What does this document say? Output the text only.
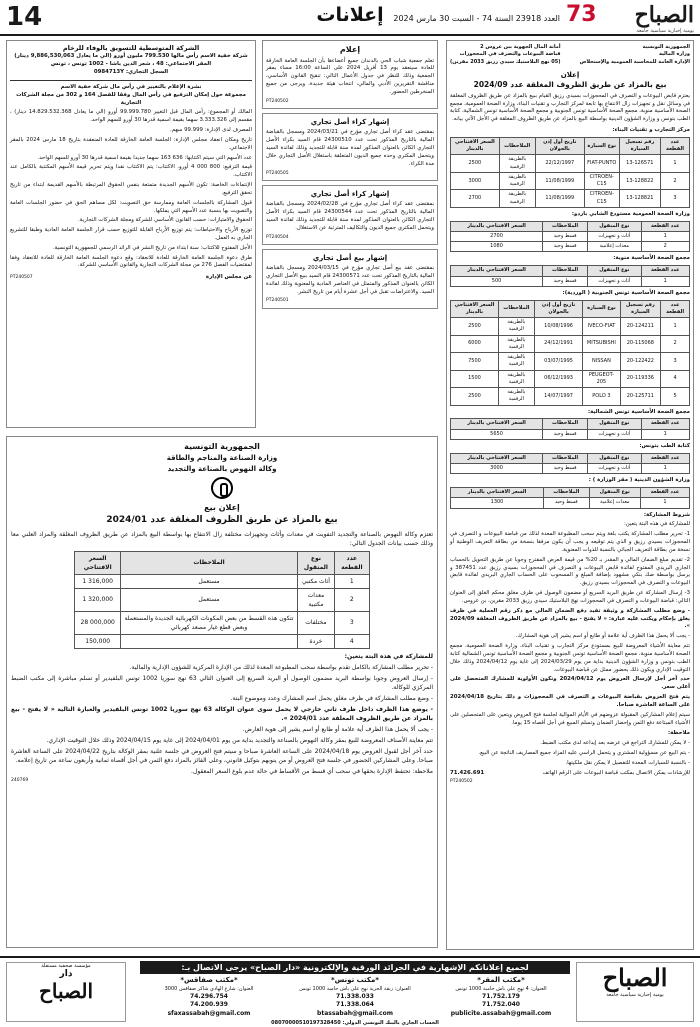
14	إعلانات العدد 23918 السنة 74 - السبت 30 مارس 2024	الصباح
73
يومية إخبارية سياسية جامعة
الجمهورية التونسية
وزارة المالية
الإدارة العامة للمحاسبة العمومية والإستخلاص
أمانة المال الجهوية ببن عروس 2
قباضة البيوعات والتصرف في المحجوزات
(05 نهج البلاستيك سيدي رزيق 2033 مقرين)
إعلان
بيع بالمزاد عن طريق الظروف المغلقة عدد 2024/09
يعتزم قابض البيوعات و التصرف في المحجوزات بسيدي رزيق القيام ببيع بالمزاد عن طريق الظروف المغلقة في وسائل نقل و تجهيزات زال الانتفاع بها تابعة لمركز التجارب و تقنيات البناء، وزارة الصحة العمومية، مجمع الصحة الأساسية منوبة، مجمع الصحة الأساسية تونس الجنوبية و مجمع الصحة الأساسية تونس الشمالية، كتابة الطب بتونس و وزارة الشؤون الدينية بواسطة البيع بالمزاد عن طريق الظروف المغلقة في الأجل الآتي بيانه.
مركز التجارب و تقنيات البناء:
عدد القطعة	رقم تسجيل السيارة	نوع السيارة	تاريخ أول إذن بالجولان	الملاحظات	السعر الافتتاحي بالدينار
1	13-126571	FIAT-PUNTO	22/12/1997	بالطريقة الرقمية	2500
2	13-128822	CITROEN-C15	11/08/1999	بالطريقة الرقمية	3000
3	13-128821	CITROEN-C15	11/08/1999	بالطريقة الرقمية	2700
وزارة الصحة العمومية مستودع الشابي باردو:
عدد القطعة	نوع المنقول	الملاحظات	السعر الافتتاحي بالدينار
1	أثاث و تجهيزات	قسط وحيد	2700
2	معدات إعلامية	قسط وحيد	1080
مجمع الصحة الأساسية منوبة:
عدد القطعة	نوع المنقول	الملاحظات	السعر الافتتاحي بالدينار
1	أثاث و تجهيزات	قسط وحيد	500
مجمع الصحة الأساسية تونس الجنوبية ( الوردية):
عدد القطعة	رقم تسجيل السيارة	نوع السيارة	تاريخ أول إذن بالجولان	الملاحظات	السعر الافتتاحي بالدينار
1	20-124211	IVECO-FIAT	10/08/1996	بالطريقة الرقمية	2500
2	20-115068	MITSUBISHI	24/12/1991	بالطريقة الرقمية	6000
3	20-122422	NISSAN	03/07/1995	بالطريقة الرقمية	7500
4	20-119336	PEUGEOT-205	06/12/1993	بالطريقة الرقمية	1500
5	20-125711	POLO 3	14/07/1997	بالطريقة الرقمية	2500
مجمع الصحة الأساسية تونس الشمالية:
عدد القطعة	نوع المنقول	الملاحظات	السعر الافتتاحي بالدينار
1	أثاث و تجهيزات	قسط وحيد	5650
كتابة الطب بتونس:
عدد القطعة	نوع المنقول	الملاحظات	السعر الافتتاحي بالدينار
1	أثاث و تجهيزات	قسط وحيد	3000
وزارة الشؤون الدينية ( مقر الوزارة ) :
عدد القطعة	نوع المنقول	الملاحظات	السعر الافتتاحي بالدينار
1	معدات إعلامية	قسط وحيد	1300
شروط المشاركة:
للمشاركة في هذه البتة يتعين:
1- تحرير مطلب المشاركة يكتب بلغة ويتم سحب المطبوعة المعدة لذلك من قباضة البيوعات و التصرف في المحجوزات بسيدي رزيق و الذي يتم توقيعه و يجب أن يكون مرفقا بنسخة من بطاقة التعريف الوطنية أو نسخة من بطاقة التعريف الجبائي بالنسبة للذوات المعنوية.
2- تقديم مبلغ الضمان المالي و المقدر بـ 20% من قيمة العرض المقترح وجوبا عن طريق التحويل بالحساب الجاري البريدي المفتوح لفائدة قابض البيوعات و التصرف في المحجوزات بسيدي رزيق عدد 387451 و يرسل بواسطة صك بنكي مشهود بإضافة المبلغ و المسحوب على الحساب الجاري البريدي لفائدة قابض البيوعات و التصرف في المحجوزات بسيدي رزيق.
3- إرسال المشاركة عن طريق البريد السريع أو مضمون الوصول في ظرف مغلق محكم الغلق إلى العنوان التالي: قباضة البيوعات و التصرف في المحجوزات نهج البلاستيك سيدي رزيق 2033 مقرين، بن عروس.
- وضع مطلب المشاركة و وثيقة تفيد دفع الضمان المالي مع ذكر رقم العملية في ظرف يغلق بإحكام ويكتب عليه عبارة: « لا يفتح - بيع بالمزاد عن طريق الظروف المغلقة 2024/09 ».
- يجب ألا يحمل هذا الظرف أية علامة أو طابع أو اسم يشير إلى هوية المشارك.
تتم معاينة الأشياء المعروضة للبيع بمستودع مركز التجارب و تقنيات البناء، وزارة الصحة العمومية، مجمع الصحة الأساسية منوبة، مجمع الصحة الأساسية تونس الجنوبية و مجمع الصحة الأساسية تونس الشمالية كتابة الطب بتونس و وزارة الشؤون الدينية بداية من يوم 2024/03/29 إلى غاية يوم 2024/04/12 وذلك خلال التوقيت الإداري ويكون ذلك بحضور ممثل عن قباضة البيوعات.
حدد آخر أجل لإرسال العروض يوم 2024/04/12 وتكون الأولوية للمشارك المتحصل على أعلى سعر.
يتم فتح العروض بقباضة البيوعات و التصرف في المحجوزات و ذلك بتاريخ 2024/04/18 على الساعة العاشرة صباحا.
سيتم إعلام المشاركين المقبولة عروضهم في الأيام الموالية لجلسة فتح العروض ويتعين على المتحصلين على الأشياء المبتاعة دفع الثمن وإحضار الضمان وتسلم المبيع في أجل أقصاه 15 يوما.
ملاحظة:
- لا يمكن للمشارك التراجع في عرضه بعد إيداعه لدى مكتب الضبط.
- يتم البيع عن مسؤولية المشتري و يتحمل الراسي عليه المزاد جميع المصاريف الناتجة عن البيع.
- بالنسبة للسيارات المعدة للتفصيل لا يمكن نقل ملكيتها.
للإرشادات يمكن الاتصال بمكتب قباضة البيوعات على الرقم الهاتف
71.426.691
PT240502
إعلام
تعلم جمعية شباب الحي بالدندان جميع أعضاءها بأن الجلسة العامة الخارقة للعادة سينعقد يوم 13 أفريل 2024 على الساعة 16:00 مساء بمقر الجمعية وذلك للنظر في جدول الأعمال التالي: تنقيح القانون الأساسي، مناقشة التقريرين الأدبي والمالي، انتخاب هيئة جديدة. ويرجى من جميع المنخرطين الحضور.
PT240502
إشهار كراء أصل تجاري
بمقتضى عقد كراء أصل تجاري مؤرخ في 2024/03/21 ومسجل بالقباضة المالية بالتاريخ المذكور تحت عدد 24300510 قام السيد بكراء الأصل التجاري الكائن بالعنوان المذكور لمدة سنة قابلة للتجديد وذلك لفائدة السيد ويتحمل المكتري وحده جميع الديون المتعلقة باستغلال الأصل التجاري خلال مدة الكراء.
PT240505
إشهار كراء أصل تجاري
بمقتضى عقد كراء أصل تجاري مؤرخ في 2024/02/28 ومسجل بالقباضة المالية بالتاريخ المذكور تحت عدد 24300544 قام السيد بكراء الأصل التجاري الكائن بالعنوان المذكور لمدة سنة قابلة للتجديد وذلك لفائدة السيد ويتحمل المكتري جميع الديون والتكاليف المترتبة عن الاستغلال.
PT240504
إشهار بيع أصل تجاري
بمقتضى عقد بيع أصل تجاري مؤرخ في 2024/03/15 ومسجل بالقباضة المالية بالتاريخ المذكور تحت عدد 24300571 قام السيد ببيع الأصل التجاري الكائن بالعنوان المذكور والمتمثل في العناصر المادية والمعنوية وذلك لفائدة السيد. والاعتراضات تقبل في أجل عشرة أيام من تاريخ النشر.
PT240501
الشركة المتوسطية للتسويق بالوفاء للرخام
شركة خفية الاسم رأس مالها 799.530 مليون أورو (الي ما يعادل 9,886,530,063 دينار)
المقر الاجتماعي: 48 ، شعر الدين باشا - 1002 تونس ، تونس
السجل التجاري: 0984713Y
نشرة الإعلام بالتغيير في رأس مال شركة خفية الاسم
مجموعة حول إمكان الترفيع في رأس المال وفقا للفصل 164 و 302 من مجلة الشركات التجارية
المالك أو المجموع: رأس المال قبل التغيير 99.999.780 أورو (الي ما يعادل 14.829.532.368 دينار) ، مقسم إلى 3.333.326 سهما بقيمة اسمية قدرها 30 أورو للسهم الواحد.
المصرف لدى الإدارة: 99.999 سهم.
تاريخ ومكان انعقاد مجلس الإدارة: الجلسة العامة الخارقة للعادة المنعقدة بتاريخ 18 مارس 2024 بالمقر الاجتماعي.
عدد الأسهم التي سيتم اكتتابها: 636 163 سهما جديدا بقيمة اسمية قدرها 30 أورو للسهم الواحد.
قيمة الترفيع: 800 000 4 أورو. الاكتتاب: يتم الاكتتاب نقدا ويتم تحرير قيمة الأسهم المكتتبة بالكامل عند الاكتتاب.
الإنتماءات الخاصة: تكون الأسهم الجديدة متمتعة بنفس الحقوق المرتبطة بالأسهم القديمة ابتداء من تاريخ تحقق الترفيع.
قبول المشاركة بالجلسات العامة وممارسة حق التصويت: لكل مساهم الحق في حضور الجلسات العامة والتصويت بها بنسبة عدد الأسهم التي يملكها.
الحقوق والامتيازات: حسب القانون الأساسي للشركة ومجلة الشركات التجارية.
توزيع الأرباح والاحتياطات: يتم توزيع الأرباح القابلة للتوزيع حسب قرار الجلسة العامة العادية وطبقا للتشريع الجاري به العمل.
الأجل المفتوح للاكتتاب: سنة ابتداء من تاريخ النشر في الرائد الرسمي للجمهورية التونسية.
طرق دعوة الجلسة العامة الخارقة للعادة للانعقاد: وقع دعوة الجلسة العامة الخارقة للعادة للانعقاد وفقا لمقتضيات الفصل 276 من مجلة الشركات التجارية والقانون الأساسي للشركة.
عن مجلس الإدارة
PT240507
الجمهورية التونسية
وزارة الصناعة والمناجم والطاقة
وكالة النهوض بالصناعة والتجديد
إعلان بيع
بيع بالمزاد عن طريق الظروف المغلقة عدد 2024/01
تعتزم وكالة النهوض بالصناعة والتجديد التفويت في معدات وأثاث وتجهيزات مختلفة زال الانتفاع بها بواسطة البيع بالمزاد عن طريق الظروف المغلقة والمزاد العلني معا وذلك حسب بيانات الجدول التالي:
عدد القطعة	نوع المنقول	الملاحظات	السعر الافتتاحي
1	أثاث مكتبي	مستعمل	1 316,000
2	معدات مكتبية	مستعمل	1 320,000
3	مختلفات	تتكون هذه القسط من بعض المكونات الكهربائية الجديدة والمستعملة وبعض قطع غيار مصعد كهربائي	28 000,000
4	خردة		150,000
للمشاركة في هذه البتة يتعين:
- تحرير مطلب المشاركة بالكامل تقدم بواسطة سحب المطبوعة المعدة لذلك من الإدارة المركزية للشؤون الإدارية والمالية.
- إرسال العروض وجوبا بواسطة البريد مضمون الوصول أو البريد السريع إلى العنوان التالي 63 نهج سوريا 1002 تونس البلفيدير أو تسلم مباشرة إلى مكتب الضبط المركزي للوكالة.
- وضع مطلب المشاركة في ظرف مغلق يحمل اسم المشارك وعدد وموضوع البتة.
- يوضع هذا الظرف داخل ظرف ثاني خارجي لا يحمل سوى عنوان الوكالة 63 نهج سوريا 1002 تونس البلفيدير والعبارة التالية « لا يفتح - بيع بالمزاد عن طريق الظروف المغلقة عدد 2024/01 ».
- يجب ألا يحمل هذا الظرف أية علامة أو طابع أو اسم يشير إلى هوية العارض.
تتم معاينة الأصناف المعروضة للبيع بمقر وكالة النهوض بالصناعة والتجديد بداية من يوم 2024/04/01 إلى غاية يوم 2024/04/15 وذلك خلال التوقيت الإداري.
حدد آخر أجل لقبول العروض يوم 2024/04/18 على الساعة العاشرة صباحا و سيتم فتح العروض في جلسة علنية بمقر الوكالة بتاريخ 2024/04/22 على الساعة العاشرة صباحا. وعلى المشاركين الحضور في جلسة فتح العروض أو من ينوبهم بتوكيل قانوني، وعلى الفائز بالمزاد دفع الثمن في أجل أقصاه ثمانية وأربعون ساعة من تاريخ إعلامه.
ملاحظة: تحتفظ الإدارة بحقها في سحب أي قسط من الأقساط في حالة عدم بلوغ السعر المعقول.
240769
الصباح
يومية إخبارية سياسية جامعة
لجميع إعلاناتكم الإشهارية في الجرائد الورقية والإلكترونية «دار الصباح» يرجى الاتصال بـ:
*مكتب المقر*
العنوان: 4 نهج علي باش حامبة 1000 تونس
71.752.179
71.752.040
publicite.assabah@gmail.com
*مكتب تونس*
العنوان: زنقة الحرية نهج علي باش حامبة 1000 تونس
71.338.033
71.338.064
btassabah@gmail.com
*مكتب صفاقس*
العنوان: شارع الهادي شاكر صفاقس 3000
74.296.754
74.200.939
sfaxassabah@gmail.com
الحساب الجاري بالبنك التونسي الدولي: 08070000510197328450
مؤسسة صحفية مستقلة
دار
الصباح
